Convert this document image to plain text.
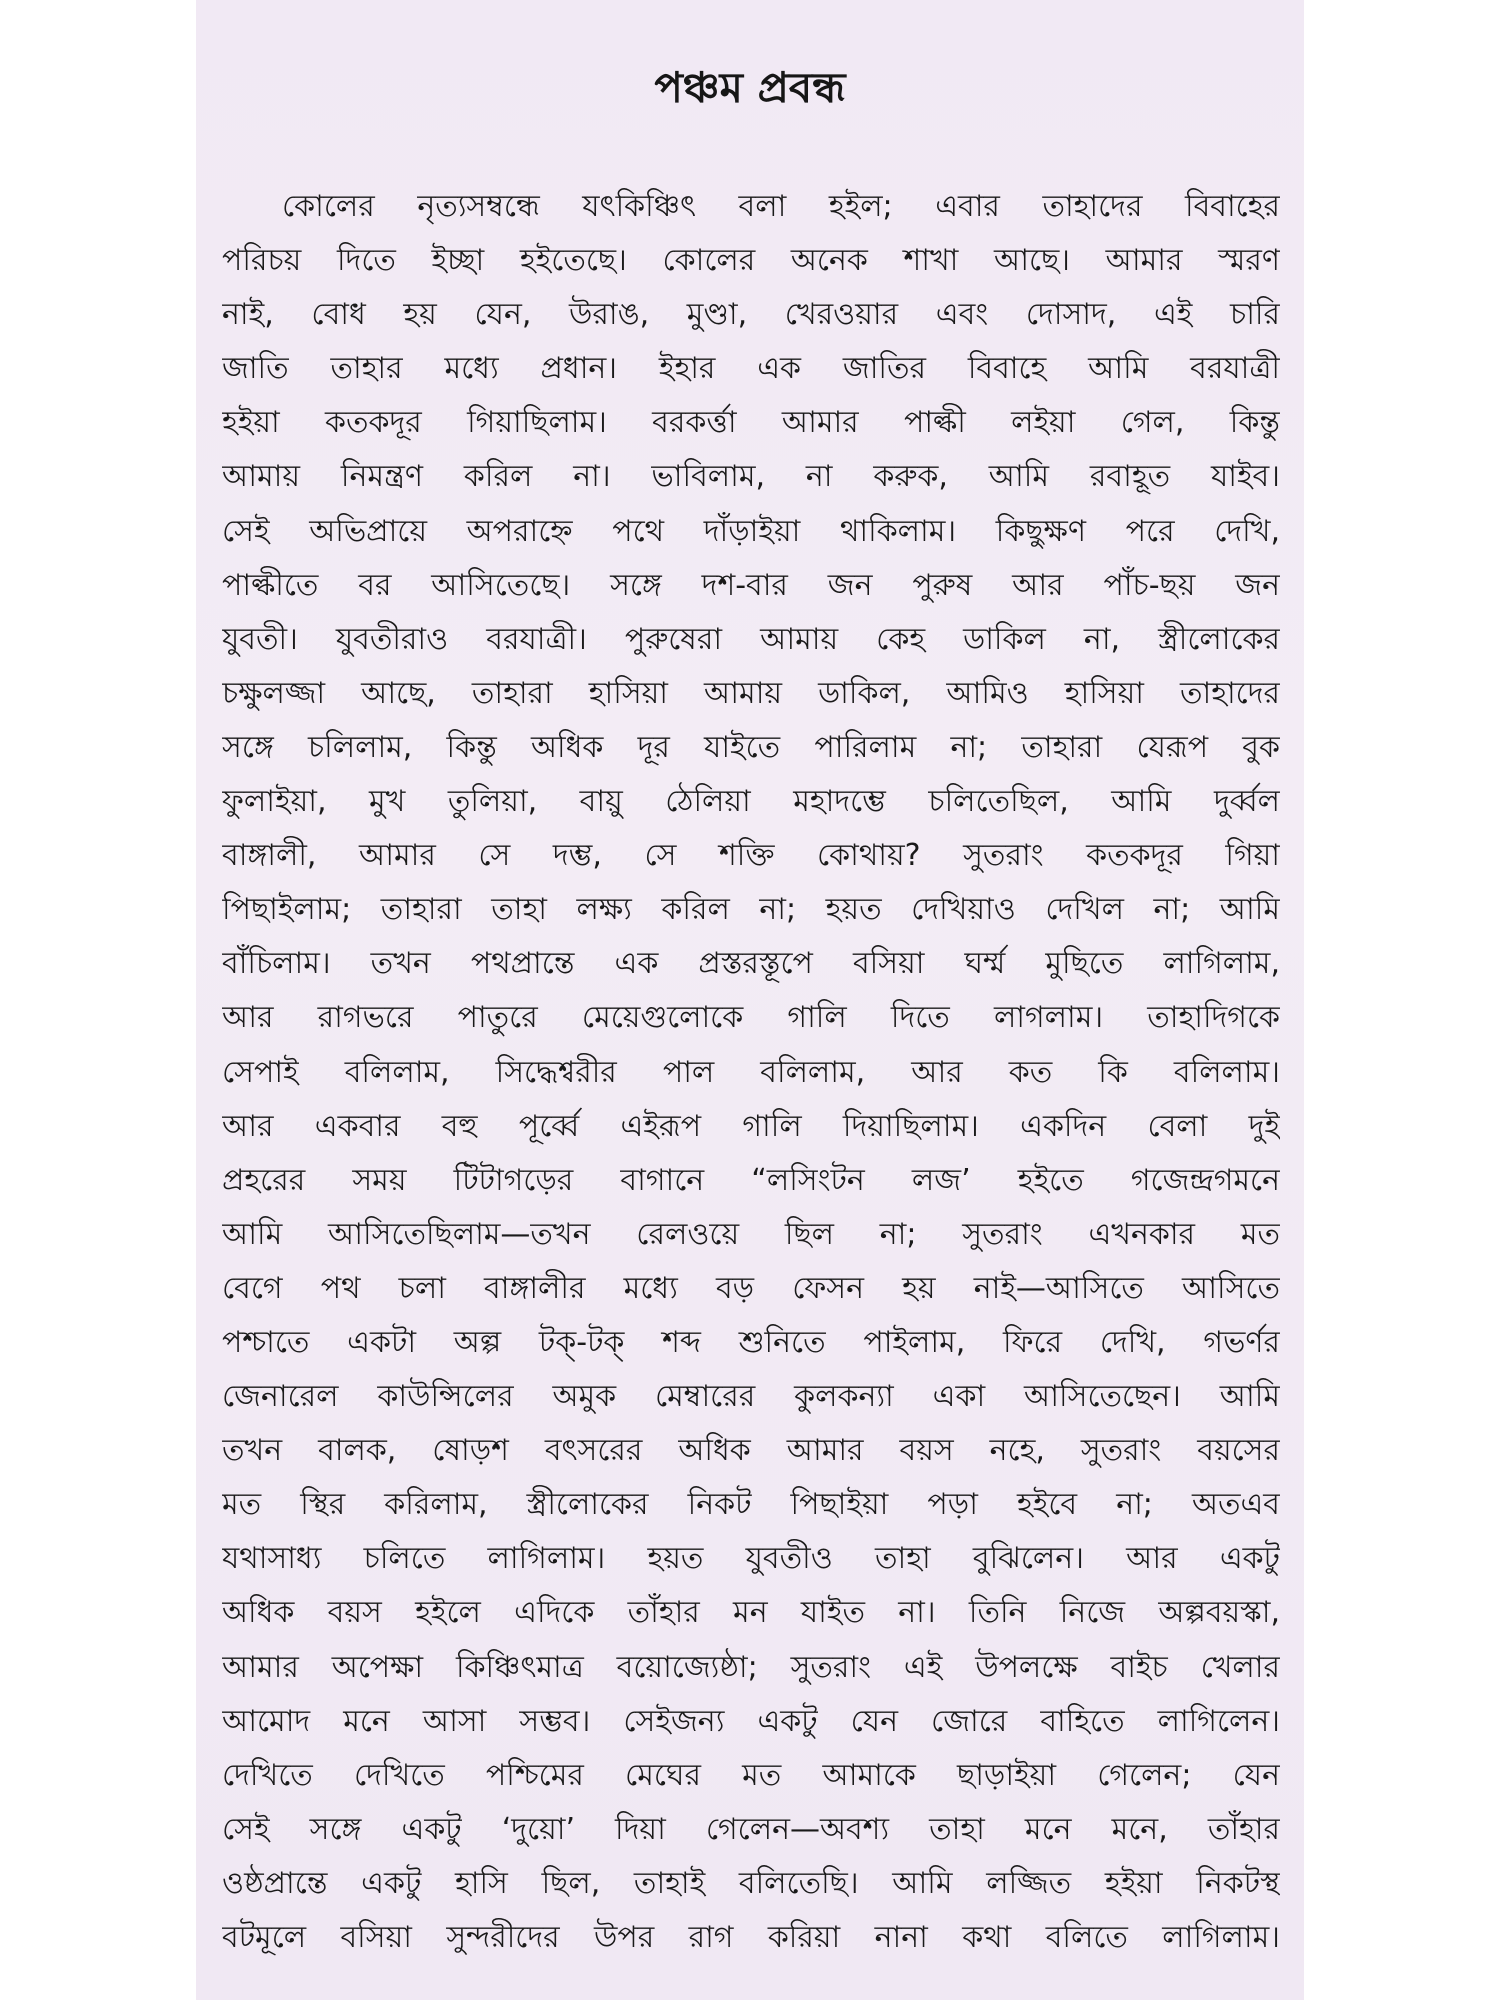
পঞ্চম প্রবন্ধ
কোলের নৃত্যসম্বন্ধে যৎকিঞ্চিৎ বলা হইল; এবার তাহাদের বিবাহের
পরিচয় দিতে ইচ্ছা হইতেছে। কোলের অনেক শাখা আছে। আমার স্মরণ
নাই, বোধ হয় যেন, উরাঙ, মুণ্ডা, খেরওয়ার এবং দোসাদ, এই চারি
জাতি তাহার মধ্যে প্রধান। ইহার এক জাতির বিবাহে আমি বরযাত্রী
হইয়া কতকদূর গিয়াছিলাম। বরকর্ত্তা আমার পাল্কী লইয়া গেল, কিন্তু
আমায় নিমন্ত্রণ করিল না। ভাবিলাম, না করুক, আমি রবাহূত যাইব।
সেই অভিপ্রায়ে অপরাহ্নে পথে দাঁড়াইয়া থাকিলাম। কিছুক্ষণ পরে দেখি,
পাল্কীতে বর আসিতেছে। সঙ্গে দশ-বার জন পুরুষ আর পাঁচ-ছয় জন
যুবতী। যুবতীরাও বরযাত্রী। পুরুষেরা আমায় কেহ ডাকিল না, স্ত্রীলোকের
চক্ষুলজ্জা আছে, তাহারা হাসিয়া আমায় ডাকিল, আমিও হাসিয়া তাহাদের
সঙ্গে চলিলাম, কিন্তু অধিক দূর যাইতে পারিলাম না; তাহারা যেরূপ বুক
ফুলাইয়া, মুখ তুলিয়া, বায়ু ঠেলিয়া মহাদম্ভে চলিতেছিল, আমি দুর্ব্বল
বাঙ্গালী, আমার সে দম্ভ, সে শক্তি কোথায়? সুতরাং কতকদূর গিয়া
পিছাইলাম; তাহারা তাহা লক্ষ্য করিল না; হয়ত দেখিয়াও দেখিল না; আমি
বাঁচিলাম। তখন পথপ্রান্তে এক প্রস্তরস্তূপে বসিয়া ঘর্ম্ম মুছিতে লাগিলাম,
আর রাগভরে পাতুরে মেয়েগুলোকে গালি দিতে লাগলাম। তাহাদিগকে
সেপাই বলিলাম, সিদ্ধেশ্বরীর পাল বলিলাম, আর কত কি বলিলাম।
আর একবার বহু পূর্ব্বে এইরূপ গালি দিয়াছিলাম। একদিন বেলা দুই
প্রহরের সময় টিটাগড়ের বাগানে “লসিংটন লজ’ হইতে গজেন্দ্রগমনে
আমি আসিতেছিলাম—তখন রেলওয়ে ছিল না; সুতরাং এখনকার মত
বেগে পথ চলা বাঙ্গালীর মধ্যে বড় ফেসন হয় নাই—আসিতে আসিতে
পশ্চাতে একটা অল্প টক্-টক্ শব্দ শুনিতে পাইলাম, ফিরে দেখি, গভর্ণর
জেনারেল কাউন্সিলের অমুক মেম্বারের কুলকন্যা একা আসিতেছেন। আমি
তখন বালক, ষোড়শ বৎসরের অধিক আমার বয়স নহে, সুতরাং বয়সের
মত স্থির করিলাম, স্ত্রীলোকের নিকট পিছাইয়া পড়া হইবে না; অতএব
যথাসাধ্য চলিতে লাগিলাম। হয়ত যুবতীও তাহা বুঝিলেন। আর একটু
অধিক বয়স হইলে এদিকে তাঁহার মন যাইত না। তিনি নিজে অল্পবয়স্কা,
আমার অপেক্ষা কিঞ্চিৎমাত্র বয়োজ্যেষ্ঠা; সুতরাং এই উপলক্ষে বাইচ খেলার
আমোদ মনে আসা সম্ভব। সেইজন্য একটু যেন জোরে বাহিতে লাগিলেন।
দেখিতে দেখিতে পশ্চিমের মেঘের মত আমাকে ছাড়াইয়া গেলেন; যেন
সেই সঙ্গে একটু ‘দুয়ো’ দিয়া গেলেন—অবশ্য তাহা মনে মনে, তাঁহার
ওষ্ঠপ্রান্তে একটু হাসি ছিল, তাহাই বলিতেছি। আমি লজ্জিত হইয়া নিকটস্থ
বটমূলে বসিয়া সুন্দরীদের উপর রাগ করিয়া নানা কথা বলিতে লাগিলাম।
